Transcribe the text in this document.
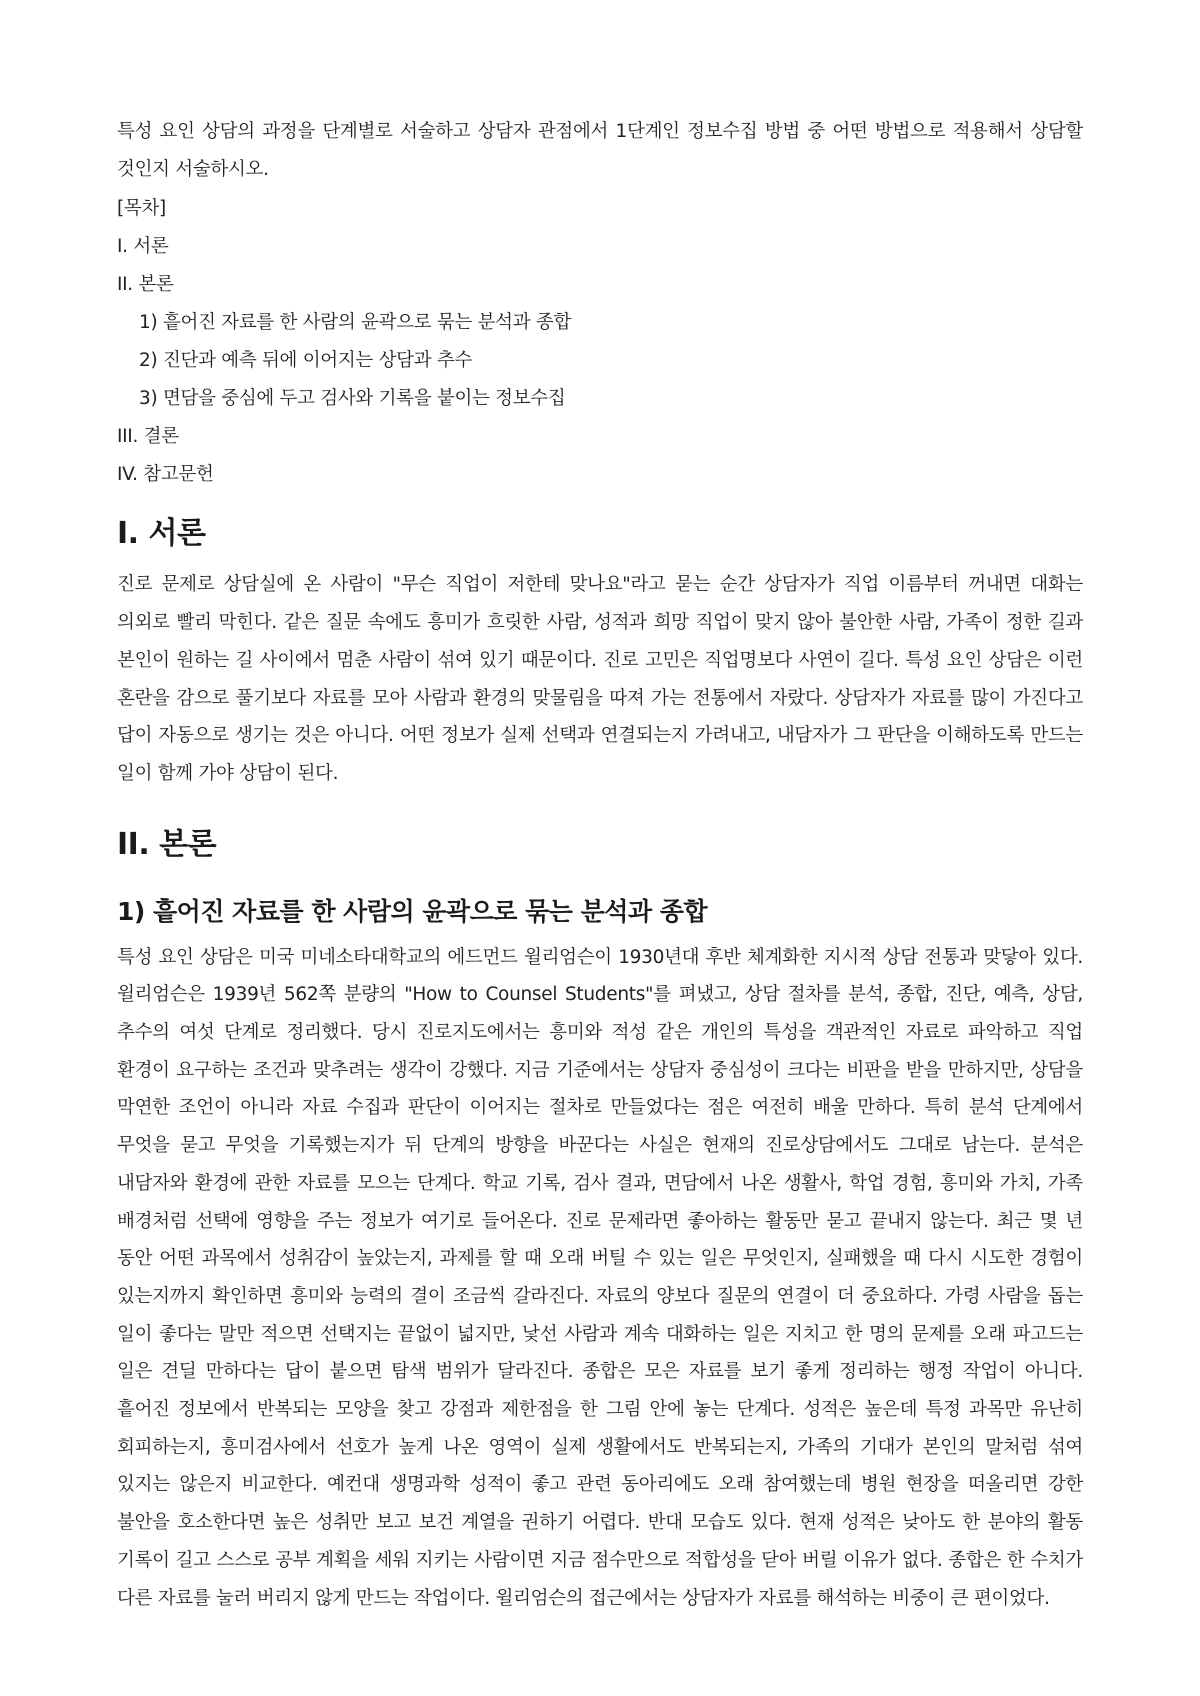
특성 요인 상담의 과정을 단계별로 서술하고 상담자 관점에서 1단계인 정보수집 방법 중 어떤 방법으로 적용해서 상담할 것인지 서술하시오.

[목차]

I. 서론

II. 본론

1) 흩어진 자료를 한 사람의 윤곽으로 묶는 분석과 종합

2) 진단과 예측 뒤에 이어지는 상담과 추수

3) 면담을 중심에 두고 검사와 기록을 붙이는 정보수집

III. 결론

IV. 참고문헌

I. 서론

진로 문제로 상담실에 온 사람이 "무슨 직업이 저한테 맞나요"라고 묻는 순간 상담자가 직업 이름부터 꺼내면 대화는 의외로 빨리 막힌다. 같은 질문 속에도 흥미가 흐릿한 사람, 성적과 희망 직업이 맞지 않아 불안한 사람, 가족이 정한 길과 본인이 원하는 길 사이에서 멈춘 사람이 섞여 있기 때문이다. 진로 고민은 직업명보다 사연이 길다. 특성 요인 상담은 이런 혼란을 감으로 풀기보다 자료를 모아 사람과 환경의 맞물림을 따져 가는 전통에서 자랐다. 상담자가 자료를 많이 가진다고 답이 자동으로 생기는 것은 아니다. 어떤 정보가 실제 선택과 연결되는지 가려내고, 내담자가 그 판단을 이해하도록 만드는 일이 함께 가야 상담이 된다.

II. 본론
1) 흩어진 자료를 한 사람의 윤곽으로 묶는 분석과 종합

특성 요인 상담은 미국 미네소타대학교의 에드먼드 윌리엄슨이 1930년대 후반 체계화한 지시적 상담 전통과 맞닿아 있다. 윌리엄슨은 1939년 562쪽 분량의 "How to Counsel Students"를 펴냈고, 상담 절차를 분석, 종합, 진단, 예측, 상담, 추수의 여섯 단계로 정리했다. 당시 진로지도에서는 흥미와 적성 같은 개인의 특성을 객관적인 자료로 파악하고 직업 환경이 요구하는 조건과 맞추려는 생각이 강했다. 지금 기준에서는 상담자 중심성이 크다는 비판을 받을 만하지만, 상담을 막연한 조언이 아니라 자료 수집과 판단이 이어지는 절차로 만들었다는 점은 여전히 배울 만하다. 특히 분석 단계에서 무엇을 묻고 무엇을 기록했는지가 뒤 단계의 방향을 바꾼다는 사실은 현재의 진로상담에서도 그대로 남는다. 분석은 내담자와 환경에 관한 자료를 모으는 단계다. 학교 기록, 검사 결과, 면담에서 나온 생활사, 학업 경험, 흥미와 가치, 가족 배경처럼 선택에 영향을 주는 정보가 여기로 들어온다. 진로 문제라면 좋아하는 활동만 묻고 끝내지 않는다. 최근 몇 년 동안 어떤 과목에서 성취감이 높았는지, 과제를 할 때 오래 버틸 수 있는 일은 무엇인지, 실패했을 때 다시 시도한 경험이 있는지까지 확인하면 흥미와 능력의 결이 조금씩 갈라진다. 자료의 양보다 질문의 연결이 더 중요하다. 가령 사람을 돕는 일이 좋다는 말만 적으면 선택지는 끝없이 넓지만, 낯선 사람과 계속 대화하는 일은 지치고 한 명의 문제를 오래 파고드는 일은 견딜 만하다는 답이 붙으면 탐색 범위가 달라진다. 종합은 모은 자료를 보기 좋게 정리하는 행정 작업이 아니다. 흩어진 정보에서 반복되는 모양을 찾고 강점과 제한점을 한 그림 안에 놓는 단계다. 성적은 높은데 특정 과목만 유난히 회피하는지, 흥미검사에서 선호가 높게 나온 영역이 실제 생활에서도 반복되는지, 가족의 기대가 본인의 말처럼 섞여 있지는 않은지 비교한다. 예컨대 생명과학 성적이 좋고 관련 동아리에도 오래 참여했는데 병원 현장을 떠올리면 강한 불안을 호소한다면 높은 성취만 보고 보건 계열을 권하기 어렵다. 반대 모습도 있다. 현재 성적은 낮아도 한 분야의 활동 기록이 길고 스스로 공부 계획을 세워 지키는 사람이면 지금 점수만으로 적합성을 닫아 버릴 이유가 없다. 종합은 한 수치가 다른 자료를 눌러 버리지 않게 만드는 작업이다. 윌리엄슨의 접근에서는 상담자가 자료를 해석하는 비중이 큰 편이었다.
